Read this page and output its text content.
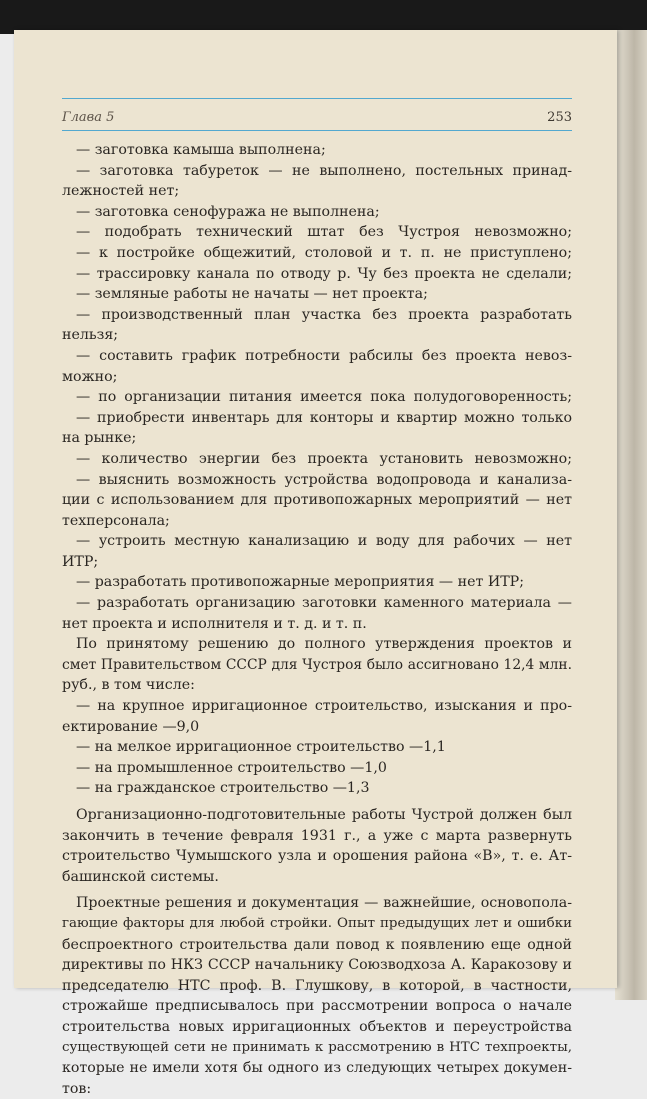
Глава 5	253
— заготовка камыша выполнена;
— заготовка табуреток — не выполнено, постельных принад-
лежностей нет;
— заготовка сенофуража не выполнена;
— подобрать технический штат без Чустроя невозможно;
— к постройке общежитий, столовой и т. п. не приступлено;
— трассировку канала по отводу р. Чу без проекта не сделали;
— земляные работы не начаты — нет проекта;
— производственный план участка без проекта разработать
нельзя;
— составить график потребности рабсилы без проекта невоз-
можно;
— по организации питания имеется пока полудоговоренность;
— приобрести инвентарь для конторы и квартир можно только
на рынке;
— количество энергии без проекта установить невозможно;
— выяснить возможность устройства водопровода и канализа-
ции с использованием для противопожарных мероприятий — нет
техперсонала;
— устроить местную канализацию и воду для рабочих — нет
ИТР;
— разработать противопожарные мероприятия — нет ИТР;
— разработать организацию заготовки каменного материала —
нет проекта и исполнителя и т. д. и т. п.
По принятому решению до полного утверждения проектов и
смет Правительством СССР для Чустроя было ассигновано 12,4 млн.
руб., в том числе:
— на крупное ирригационное строительство, изыскания и про-
ектирование —9,0
— на мелкое ирригационное строительство —1,1
— на промышленное строительство —1,0
— на гражданское строительство —1,3
Организационно-подготовительные работы Чустрой должен был
закончить в течение февраля 1931 г., а уже с марта развернуть
строительство Чумышского узла и орошения района «В», т. е. Ат-
башинской системы.
Проектные решения и документация — важнейшие, основопола-
гающие факторы для любой стройки. Опыт предыдущих лет и ошибки
беспроектного строительства дали повод к появлению еще одной
директивы по НКЗ СССР начальнику Союзводхоза А. Каракозову и
председателю НТС проф. В. Глушкову, в которой, в частности,
строжайше предписывалось при рассмотрении вопроса о начале
строительства новых ирригационных объектов и переустройства
существующей сети не принимать к рассмотрению в НТС техпроекты,
которые не имели хотя бы одного из следующих четырех докумен-
тов:
